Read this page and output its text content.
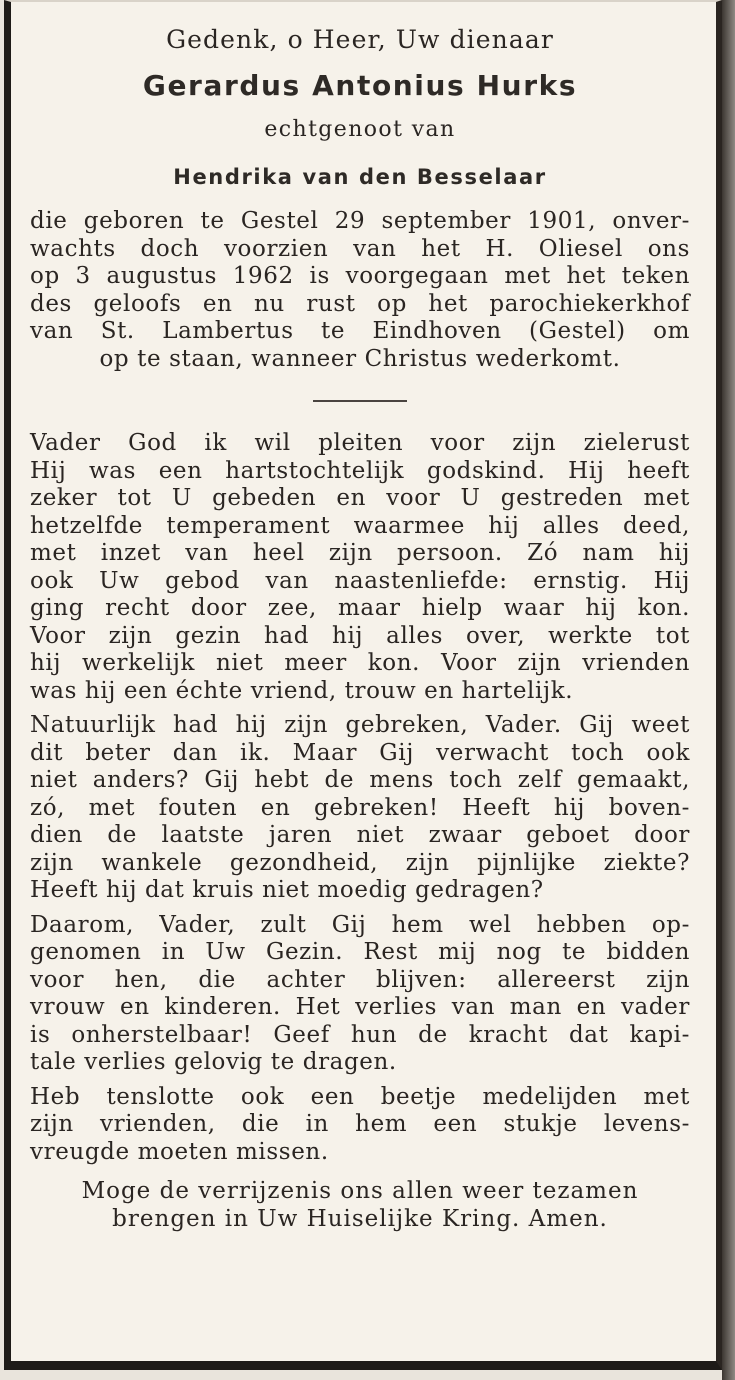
Gedenk, o Heer, Uw dienaar
Gerardus Antonius Hurks
echtgenoot van
Hendrika van den Besselaar
die geboren te Gestel 29 september 1901, onver-
wachts doch voorzien van het H. Oliesel ons
op 3 augustus 1962 is voorgegaan met het teken
des geloofs en nu rust op het parochiekerkhof
van St. Lambertus te Eindhoven (Gestel) om
op te staan, wanneer Christus wederkomt.
Vader God ik wil pleiten voor zijn zielerust
Hij was een hartstochtelijk godskind. Hij heeft
zeker tot U gebeden en voor U gestreden met
hetzelfde temperament waarmee hij alles deed,
met inzet van heel zijn persoon. Zó nam hij
ook Uw gebod van naastenliefde: ernstig. Hij
ging recht door zee, maar hielp waar hij kon.
Voor zijn gezin had hij alles over, werkte tot
hij werkelijk niet meer kon. Voor zijn vrienden
was hij een échte vriend, trouw en hartelijk.
Natuurlijk had hij zijn gebreken, Vader. Gij weet
dit beter dan ik. Maar Gij verwacht toch ook
niet anders? Gij hebt de mens toch zelf gemaakt,
zó, met fouten en gebreken! Heeft hij boven-
dien de laatste jaren niet zwaar geboet door
zijn wankele gezondheid, zijn pijnlijke ziekte?
Heeft hij dat kruis niet moedig gedragen?
Daarom, Vader, zult Gij hem wel hebben op-
genomen in Uw Gezin. Rest mij nog te bidden
voor hen, die achter blijven: allereerst zijn
vrouw en kinderen. Het verlies van man en vader
is onherstelbaar! Geef hun de kracht dat kapi-
tale verlies gelovig te dragen.
Heb tenslotte ook een beetje medelijden met
zijn vrienden, die in hem een stukje levens-
vreugde moeten missen.
Moge de verrijzenis ons allen weer tezamen
brengen in Uw Huiselijke Kring. Amen.
